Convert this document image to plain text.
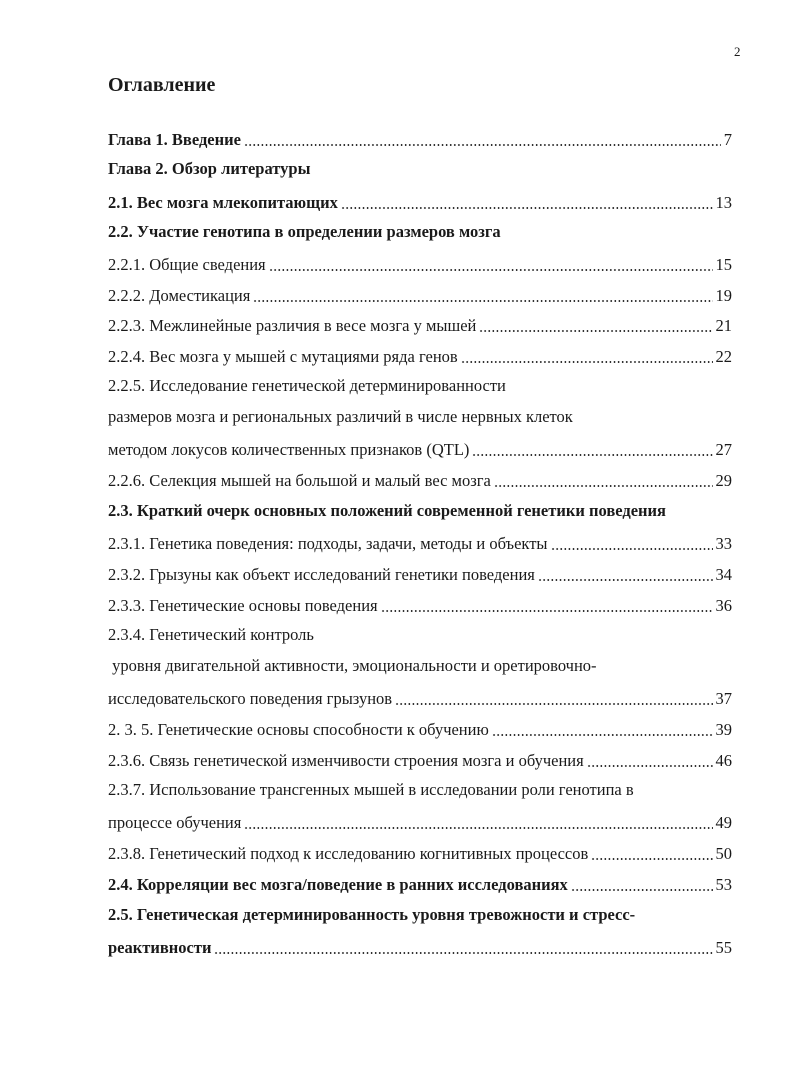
2
Оглавление
Глава 1. Введение	7
Глава 2. Обзор литературы
2.1. Вес мозга млекопитающих	13
2.2. Участие генотипа в определении размеров мозга
2.2.1. Общие сведения	15
2.2.2. Доместикация	19
2.2.3. Межлинейные различия в весе мозга у мышей	21
2.2.4. Вес мозга у мышей с мутациями ряда генов	22
2.2.5. Исследование генетической детерминированности
размеров мозга и региональных различий в числе нервных клеток
методом локусов количественных признаков (QTL)	27
2.2.6. Селекция мышей на большой и малый вес мозга	29
2.3. Краткий очерк основных положений современной генетики поведения
2.3.1. Генетика поведения: подходы, задачи, методы и объекты	33
2.3.2. Грызуны как объект исследований генетики поведения	34
2.3.3. Генетические основы поведения	36
2.3.4. Генетический контроль
уровня двигательной активности, эмоциональности и оретировочно-
исследовательского поведения грызунов	37
2. 3. 5. Генетические основы способности к обучению	39
2.3.6. Связь генетической изменчивости строения мозга и обучения	46
2.3.7. Использование трансгенных мышей в исследовании роли генотипа в
процессе обучения	49
2.3.8. Генетический подход к исследованию когнитивных процессов	50
2.4. Корреляции вес мозга/поведение в ранних исследованиях	53
2.5. Генетическая детерминированность уровня тревожности и стресс-
реактивности	55
